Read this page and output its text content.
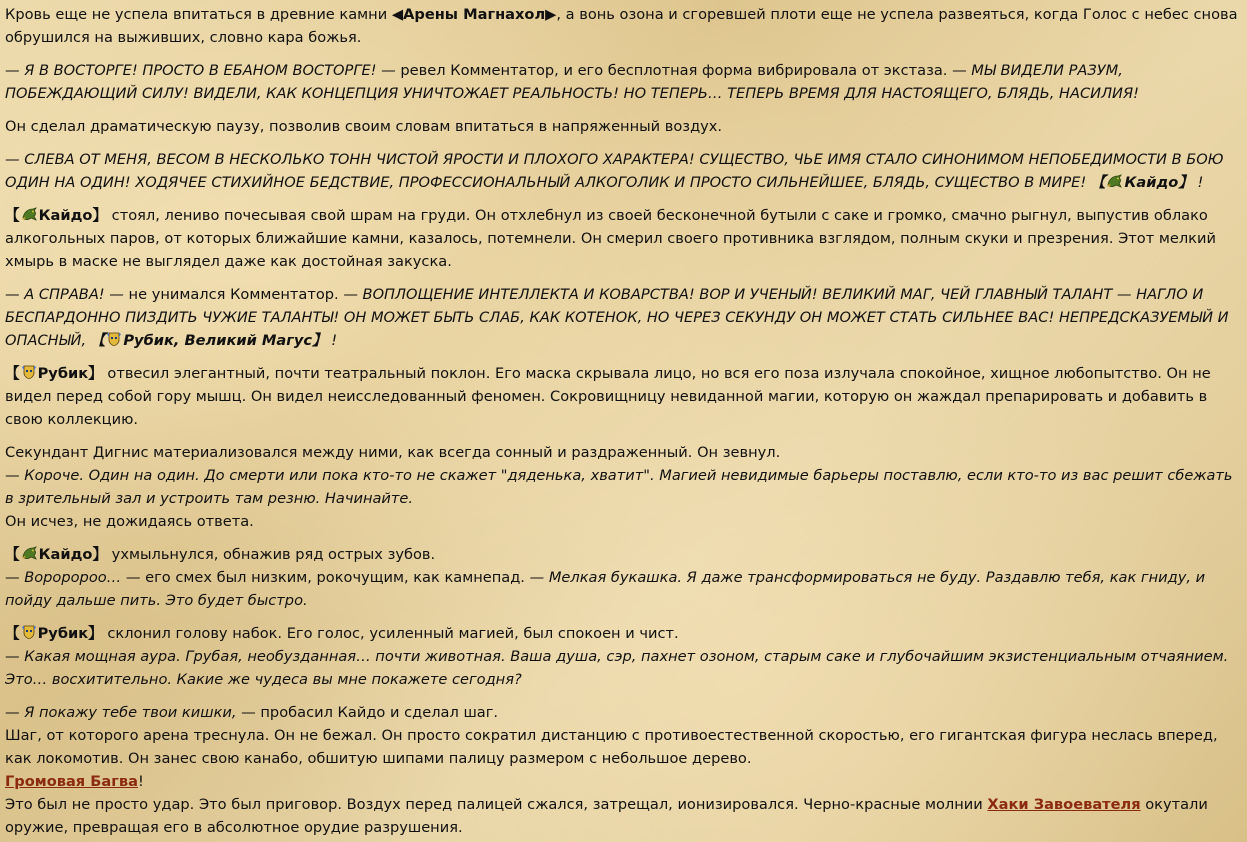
Кровь еще не успела впитаться в древние камни ◀Арены Магнахол▶, а вонь озона и сгоревшей плоти еще не успела развеяться, когда Голос с небес снова обрушился на выживших, словно кара божья.

— Я В ВОСТОРГЕ! ПРОСТО В ЕБАНОМ ВОСТОРГЕ! — ревел Комментатор, и его бесплотная форма вибрировала от экстаза. — МЫ ВИДЕЛИ РАЗУМ, ПОБЕЖДАЮЩИЙ СИЛУ! ВИДЕЛИ, КАК КОНЦЕПЦИЯ УНИЧТОЖАЕТ РЕАЛЬНОСТЬ! НО ТЕПЕРЬ… ТЕПЕРЬ ВРЕМЯ ДЛЯ НАСТОЯЩЕГО, БЛЯДЬ, НАСИЛИЯ!

Он сделал драматическую паузу, позволив своим словам впитаться в напряженный воздух.

— СЛЕВА ОТ МЕНЯ, ВЕСОМ В НЕСКОЛЬКО ТОНН ЧИСТОЙ ЯРОСТИ И ПЛОХОГО ХАРАКТЕРА! СУЩЕСТВО, ЧЬЕ ИМЯ СТАЛО СИНОНИМОМ НЕПОБЕДИМОСТИ В БОЮ ОДИН НА ОДИН! ХОДЯЧЕЕ СТИХИЙНОЕ БЕДСТВИЕ, ПРОФЕССИОНАЛЬНЫЙ АЛКОГОЛИК И ПРОСТО СИЛЬНЕЙШЕЕ, БЛЯДЬ, СУЩЕСТВО В МИРЕ! 【 Кайдо】 !

【 Кайдо】 стоял, лениво почесывая свой шрам на груди. Он отхлебнул из своей бесконечной бутыли с саке и громко, смачно рыгнул, выпустив облако алкогольных паров, от которых ближайшие камни, казалось, потемнели. Он смерил своего противника взглядом, полным скуки и презрения. Этот мелкий хмырь в маске не выглядел даже как достойная закуска.

— А СПРАВА! — не унимался Комментатор. — ВОПЛОЩЕНИЕ ИНТЕЛЛЕКТА И КОВАРСТВА! ВОР И УЧЕНЫЙ! ВЕЛИКИЙ МАГ, ЧЕЙ ГЛАВНЫЙ ТАЛАНТ — НАГЛО И БЕСПАРДОННО ПИЗДИТЬ ЧУЖИЕ ТАЛАНТЫ! ОН МОЖЕТ БЫТЬ СЛАБ, КАК КОТЕНОК, НО ЧЕРЕЗ СЕКУНДУ ОН МОЖЕТ СТАТЬ СИЛЬНЕЕ ВАС! НЕПРЕДСКАЗУЕМЫЙ И ОПАСНЫЙ, 【 Рубик, Великий Магус】 !

【 Рубик】 отвесил элегантный, почти театральный поклон. Его маска скрывала лицо, но вся его поза излучала спокойное, хищное любопытство. Он не видел перед собой гору мышц. Он видел неисследованный феномен. Сокровищницу невиданной магии, которую он жаждал препарировать и добавить в свою коллекцию.

Секундант Дигнис материализовался между ними, как всегда сонный и раздраженный. Он зевнул.
— Короче. Один на один. До смерти или пока кто-то не скажет "дяденька, хватит". Магией невидимые барьеры поставлю, если кто-то из вас решит сбежать в зрительный зал и устроить там резню. Начинайте.
Он исчез, не дожидаясь ответа.

【 Кайдо】 ухмыльнулся, обнажив ряд острых зубов.
— Вороророо… — его смех был низким, рокочущим, как камнепад. — Мелкая букашка. Я даже трансформироваться не буду. Раздавлю тебя, как гниду, и пойду дальше пить. Это будет быстро.

【 Рубик】 склонил голову набок. Его голос, усиленный магией, был спокоен и чист.
— Какая мощная аура. Грубая, необузданная… почти животная. Ваша душа, сэр, пахнет озоном, старым саке и глубочайшим экзистенциальным отчаянием. Это… восхитительно. Какие же чудеса вы мне покажете сегодня?

— Я покажу тебе твои кишки, — пробасил Кайдо и сделал шаг.
Шаг, от которого арена треснула. Он не бежал. Он просто сократил дистанцию с противоестественной скоростью, его гигантская фигура неслась вперед, как локомотив. Он занес свою канабо, обшитую шипами палицу размером с небольшое дерево.
Громовая Багва!
Это был не просто удар. Это был приговор. Воздух перед палицей сжался, затрещал, ионизировался. Черно-красные молнии Хаки Завоевателя окутали оружие, превращая его в абсолютное орудие разрушения.
